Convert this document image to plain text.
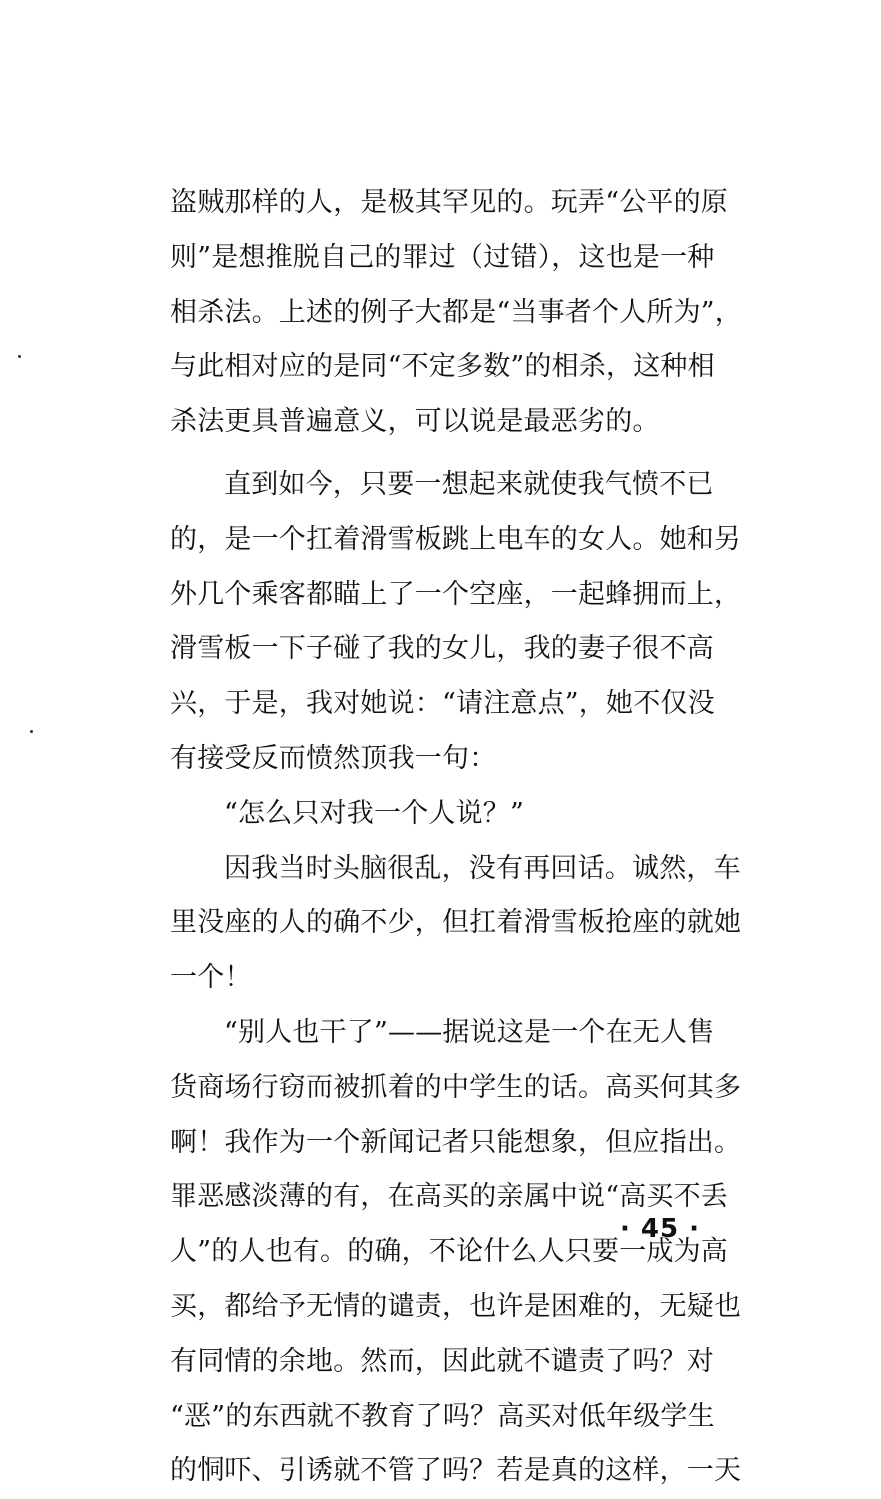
盗贼那样的人，是极其罕见的。玩弄“公平的原
则”是想推脱自己的罪过（过错），这也是一种
相杀法。上述的例子大都是“当事者个人所为”，
与此相对应的是同“不定多数”的相杀，这种相
杀法更具普遍意义，可以说是最恶劣的。
直到如今，只要一想起来就使我气愤不已
的，是一个扛着滑雪板跳上电车的女人。她和另
外几个乘客都瞄上了一个空座，一起蜂拥而上，
滑雪板一下子碰了我的女儿，我的妻子很不高
兴，于是，我对她说：“请注意点”，她不仅没
有接受反而愤然顶我一句：
“怎么只对我一个人说？”
因我当时头脑很乱，没有再回话。诚然，车
里没座的人的确不少，但扛着滑雪板抢座的就她
一个！
“别人也干了”——据说这是一个在无人售
货商场行窃而被抓着的中学生的话。高买何其多
啊！我作为一个新闻记者只能想象，但应指出。
罪恶感淡薄的有，在高买的亲属中说“高买不丢
人”的人也有。的确，不论什么人只要一成为高
买，都给予无情的谴责，也许是困难的，无疑也
有同情的余地。然而，因此就不谴责了吗？对
“恶”的东西就不教育了吗？高买对低年级学生
的恫吓、引诱就不管了吗？若是真的这样，一天
· 45 ·
